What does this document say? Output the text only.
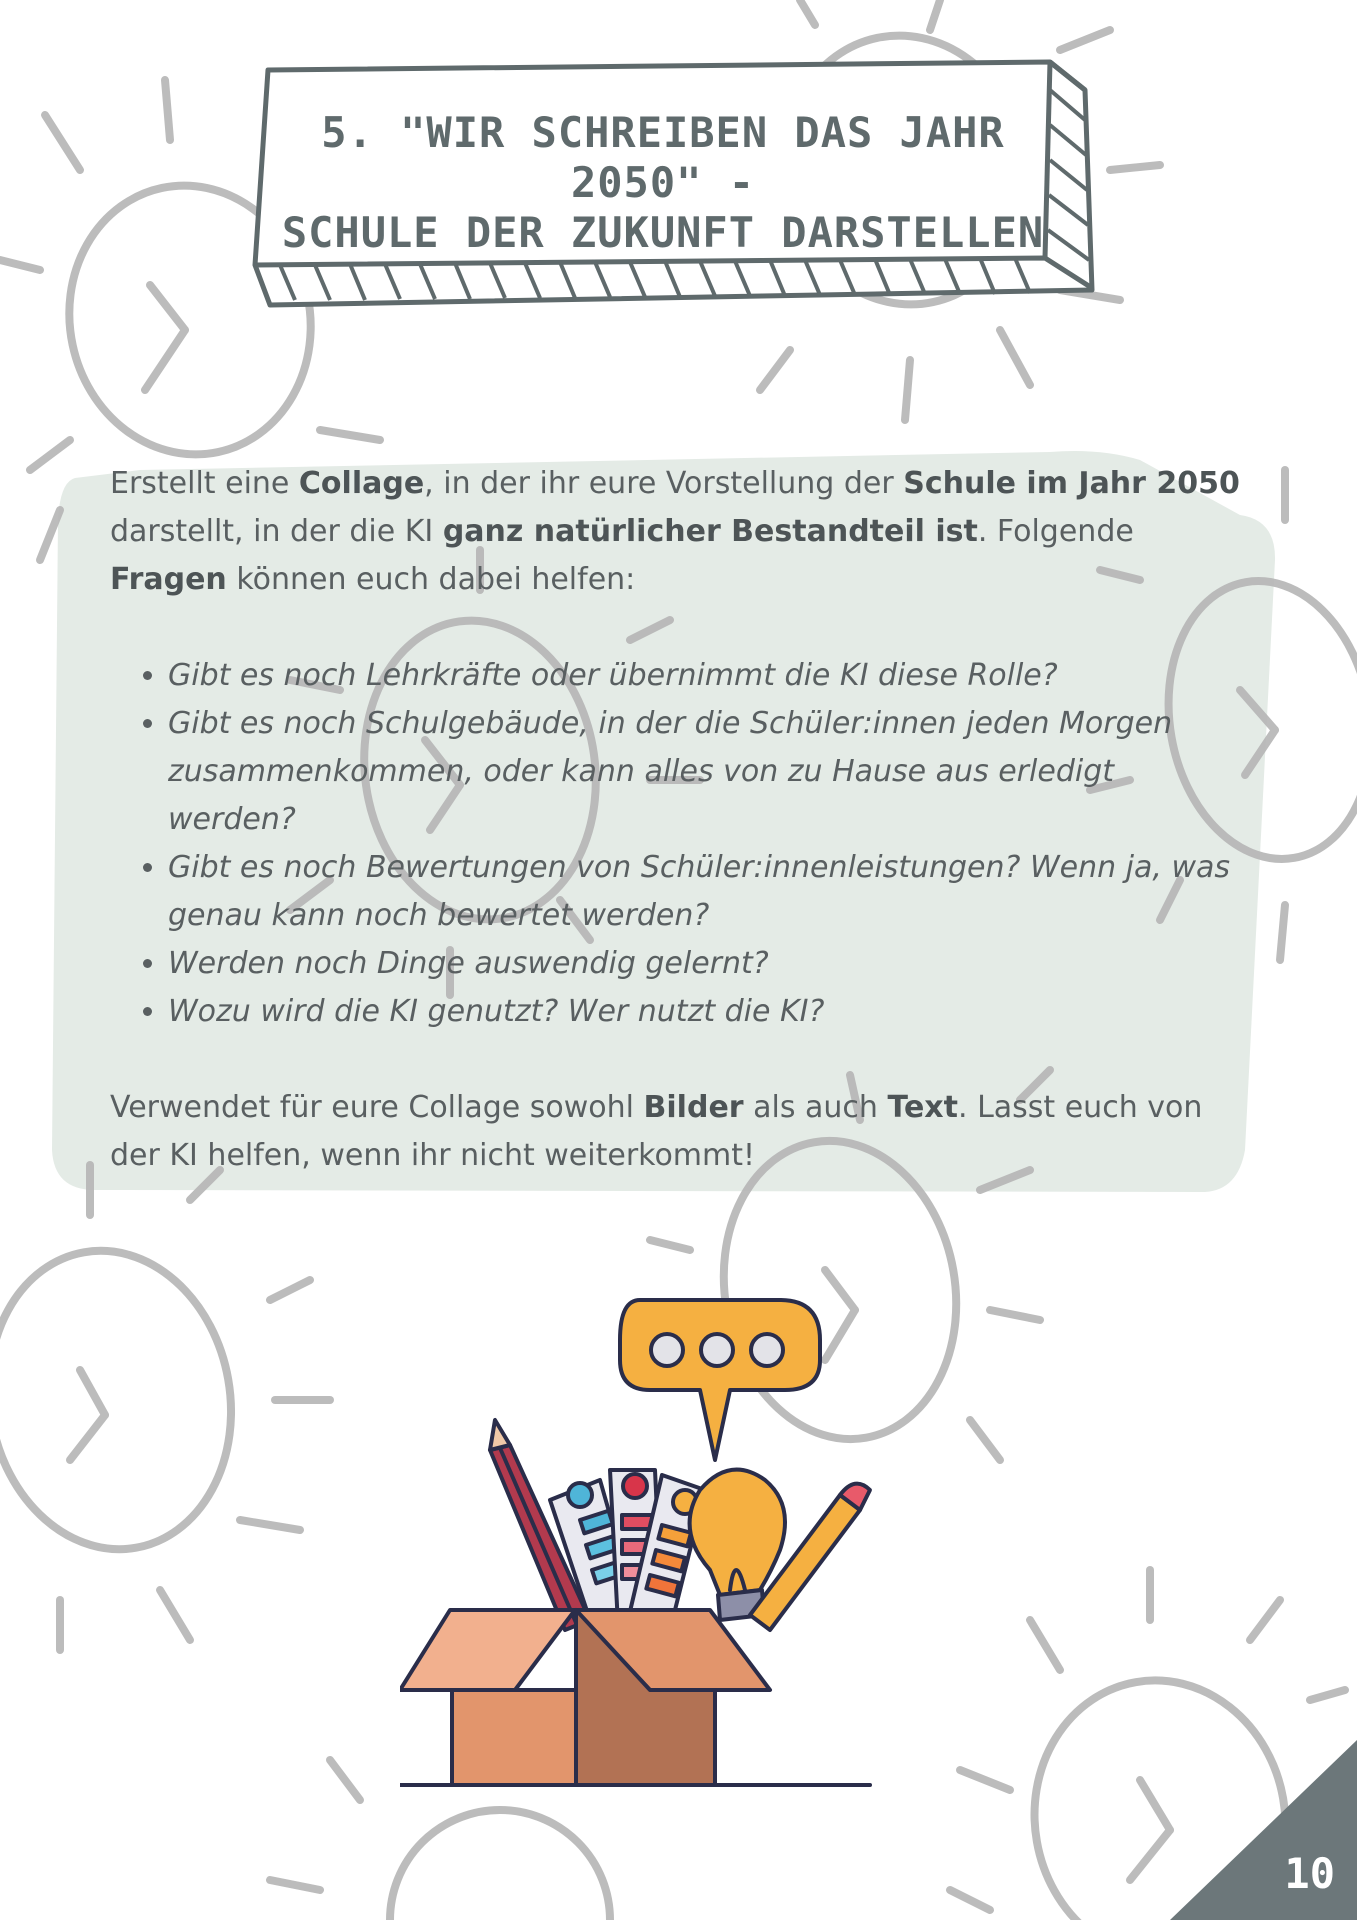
5. "WIR SCHREIBEN DAS JAHR 2050" -
SCHULE DER ZUKUNFT DARSTELLEN

Erstellt eine Collage, in der ihr eure Vorstellung der Schule im Jahr 2050 darstellt, in der die KI ganz natürlicher Bestandteil ist. Folgende Fragen können euch dabei helfen:

• Gibt es noch Lehrkräfte oder übernimmt die KI diese Rolle?
• Gibt es noch Schulgebäude, in der die Schüler:innen jeden Morgen zusammenkommen, oder kann alles von zu Hause aus erledigt werden?
• Gibt es noch Bewertungen von Schüler:innenleistungen? Wenn ja, was genau kann noch bewertet werden?
• Werden noch Dinge auswendig gelernt?
• Wozu wird die KI genutzt? Wer nutzt die KI?

Verwendet für eure Collage sowohl Bilder als auch Text. Lasst euch von der KI helfen, wenn ihr nicht weiterkommt!

10
